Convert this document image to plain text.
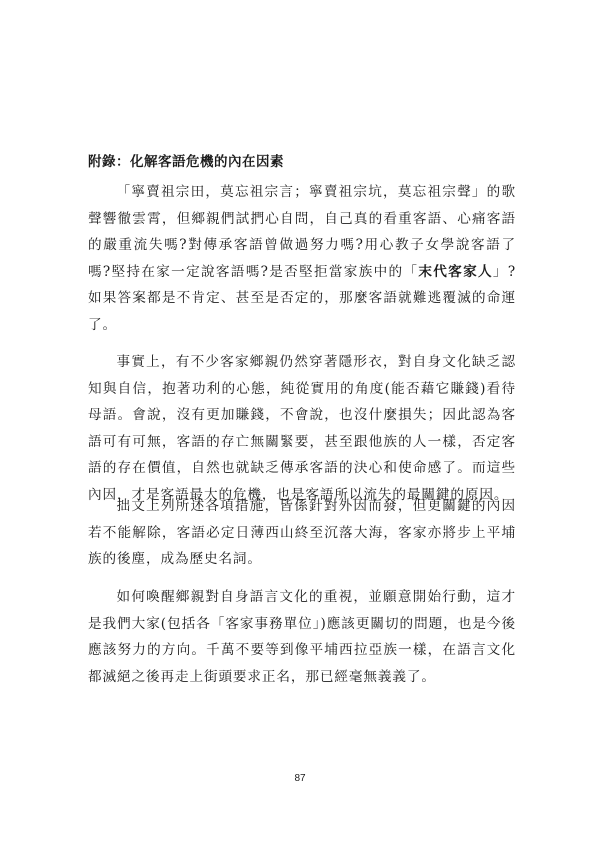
附錄：化解客語危機的內在因素

「寧賣祖宗田，莫忘祖宗言；寧賣祖宗坑，莫忘祖宗聲」的歌聲響徹雲霄，但鄉親們試捫心自問，自己真的看重客語、心痛客語的嚴重流失嗎?對傳承客語曾做過努力嗎?用心教子女學說客語了嗎?堅持在家一定說客語嗎?是否堅拒當家族中的「末代客家人」?如果答案都是不肯定、甚至是否定的，那麼客語就難逃覆滅的命運了。

事實上，有不少客家鄉親仍然穿著隱形衣，對自身文化缺乏認知與自信，抱著功利的心態，純從實用的角度(能否藉它賺錢)看待母語。會說，沒有更加賺錢，不會說，也沒什麼損失；因此認為客語可有可無，客語的存亡無關緊要，甚至跟他族的人一樣，否定客語的存在價值，自然也就缺乏傳承客語的決心和使命感了。而這些內因，才是客語最大的危機，也是客語所以流失的最關鍵的原因。

拙文上列所述各項措施，皆係針對外因而發，但更關鍵的內因若不能解除，客語必定日薄西山終至沉落大海，客家亦將步上平埔族的後塵，成為歷史名詞。

如何喚醒鄉親對自身語言文化的重視，並願意開始行動，這才是我們大家(包括各「客家事務單位」)應該更關切的問題，也是今後應該努力的方向。千萬不要等到像平埔西拉亞族一樣，在語言文化都滅絕之後再走上街頭要求正名，那已經毫無義義了。

87
